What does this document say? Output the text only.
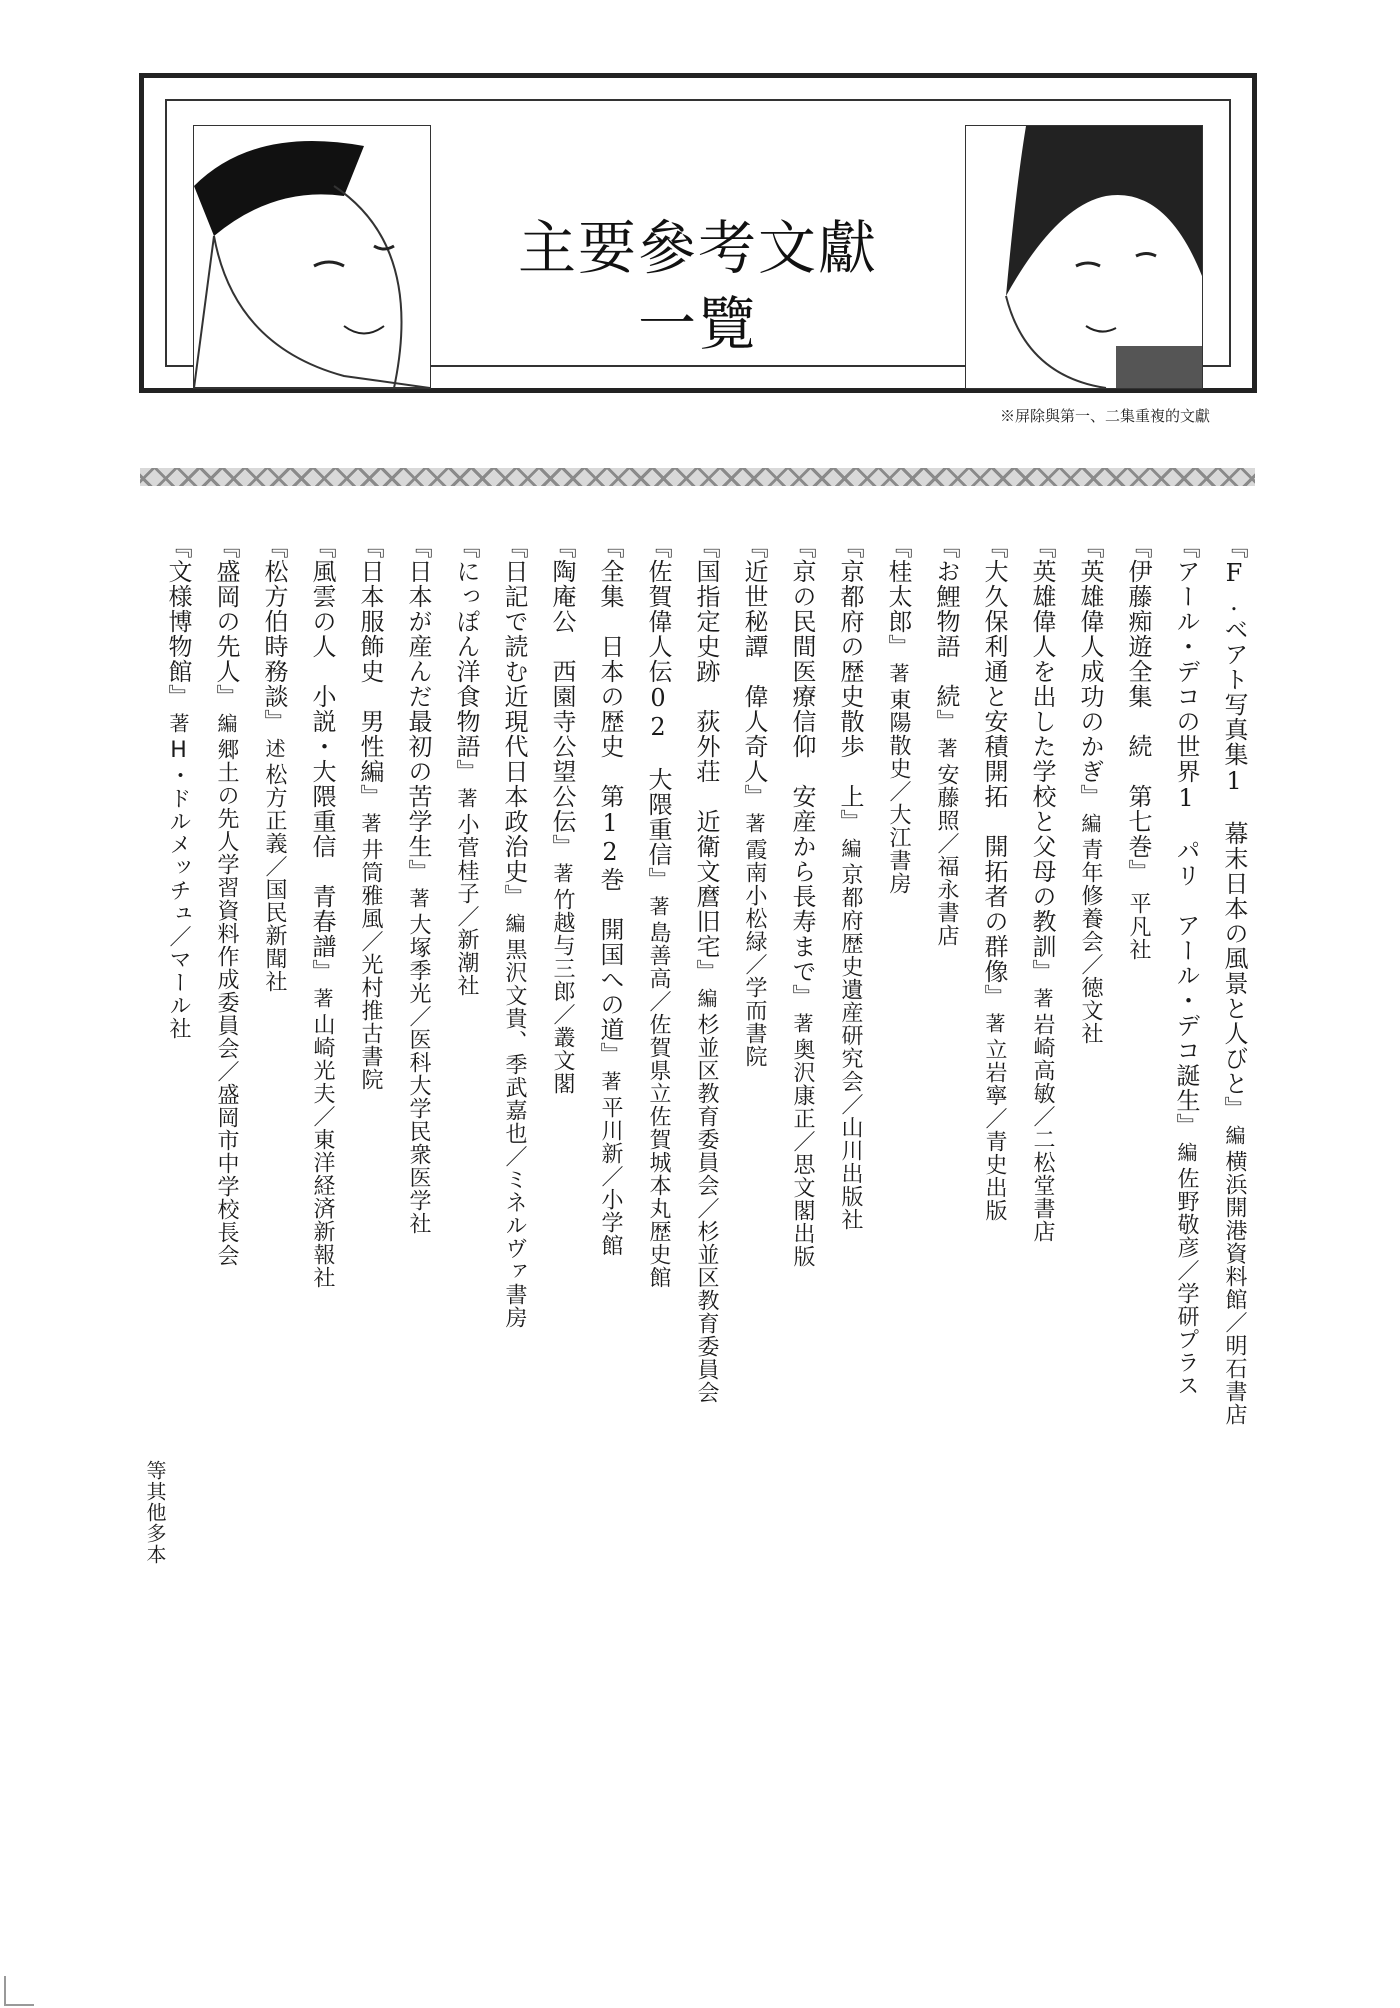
主要參考文獻
一覽
※屏除與第一、二集重複的文獻
『F.ベアト写真集1　幕末日本の風景と人びと』編横浜開港資料館／明石書店
『アール・デコの世界1　パリ　アール・デコ誕生』編佐野敬彦／学研プラス
『伊藤痴遊全集　続　第七巻』平凡社
『英雄偉人成功のかぎ』編青年修養会／徳文社
『英雄偉人を出した学校と父母の教訓』著岩崎高敏／二松堂書店
『大久保利通と安積開拓　開拓者の群像』著立岩寧／青史出版
『お鯉物語　続』著安藤照／福永書店
『桂太郎』著東陽散史／大江書房
『京都府の歴史散歩　上』編京都府歴史遺産研究会／山川出版社
『京の民間医療信仰　安産から長寿まで』著奥沢康正／思文閣出版
『近世秘譚　偉人奇人』著霞南小松緑／学而書院
『国指定史跡　荻外荘　近衛文麿旧宅』編杉並区教育委員会／杉並区教育委員会
『佐賀偉人伝02　大隈重信』著島善高／佐賀県立佐賀城本丸歴史館
『全集　日本の歴史　第12巻　開国への道』著平川新／小学館
『陶庵公　西園寺公望公伝』著竹越与三郎／叢文閣
『日記で読む近現代日本政治史』編黒沢文貴、季武嘉也／ミネルヴァ書房
『にっぽん洋食物語』著小菅桂子／新潮社
『日本が産んだ最初の苦学生』著大塚季光／医科大学民衆医学社
『日本服飾史　男性編』著井筒雅風／光村推古書院
『風雲の人　小説・大隈重信　青春譜』著山崎光夫／東洋経済新報社
『松方伯時務談』述松方正義／国民新聞社
『盛岡の先人』編郷土の先人学習資料作成委員会／盛岡市中学校長会
『文様博物館』著H・ドルメッチュ／マール社
等其他多本
